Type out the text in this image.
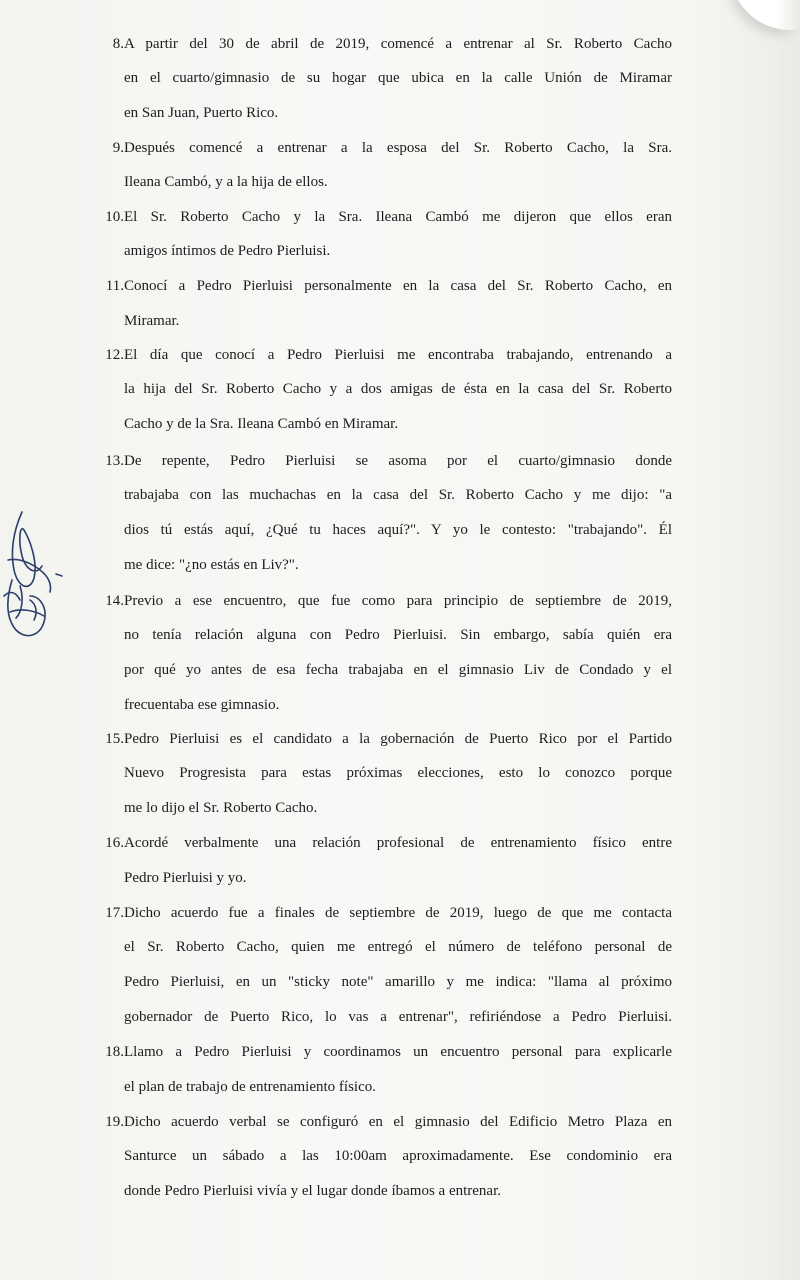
8. A partir del 30 de abril de 2019, comencé a entrenar al Sr. Roberto Cacho
en el cuarto/gimnasio de su hogar que ubica en la calle Unión de Miramar
en San Juan, Puerto Rico.
9. Después comencé a entrenar a la esposa del Sr. Roberto Cacho, la Sra.
Ileana Cambó, y a la hija de ellos.
10. El Sr. Roberto Cacho y la Sra. Ileana Cambó me dijeron que ellos eran
amigos íntimos de Pedro Pierluisi.
11. Conocí a Pedro Pierluisi personalmente en la casa del Sr. Roberto Cacho, en
Miramar.
12. El día que conocí a Pedro Pierluisi me encontraba trabajando, entrenando a
la hija del Sr. Roberto Cacho y a dos amigas de ésta en la casa del Sr. Roberto
Cacho y de la Sra. Ileana Cambó en Miramar.
13. De repente, Pedro Pierluisi se asoma por el cuarto/gimnasio donde
trabajaba con las muchachas en la casa del Sr. Roberto Cacho y me dijo: "a
dios tú estás aquí, ¿Qué tu haces aquí?". Y yo le contesto: "trabajando". Él
me dice: "¿no estás en Liv?".
14. Previo a ese encuentro, que fue como para principio de septiembre de 2019,
no tenía relación alguna con Pedro Pierluisi. Sin embargo, sabía quién era
por qué yo antes de esa fecha trabajaba en el gimnasio Liv de Condado y el
frecuentaba ese gimnasio.
15. Pedro Pierluisi es el candidato a la gobernación de Puerto Rico por el Partido
Nuevo Progresista para estas próximas elecciones, esto lo conozco porque
me lo dijo el Sr. Roberto Cacho.
16. Acordé verbalmente una relación profesional de entrenamiento físico entre
Pedro Pierluisi y yo.
17. Dicho acuerdo fue a finales de septiembre de 2019, luego de que me contacta
el Sr. Roberto Cacho, quien me entregó el número de teléfono personal de
Pedro Pierluisi, en un "sticky note" amarillo y me indica: "llama al próximo
gobernador de Puerto Rico, lo vas a entrenar", refiriéndose a Pedro Pierluisi.
18. Llamo a Pedro Pierluisi y coordinamos un encuentro personal para explicarle
el plan de trabajo de entrenamiento físico.
19. Dicho acuerdo verbal se configuró en el gimnasio del Edificio Metro Plaza en
Santurce un sábado a las 10:00am aproximadamente. Ese condominio era
donde Pedro Pierluisi vivía y el lugar donde íbamos a entrenar.
